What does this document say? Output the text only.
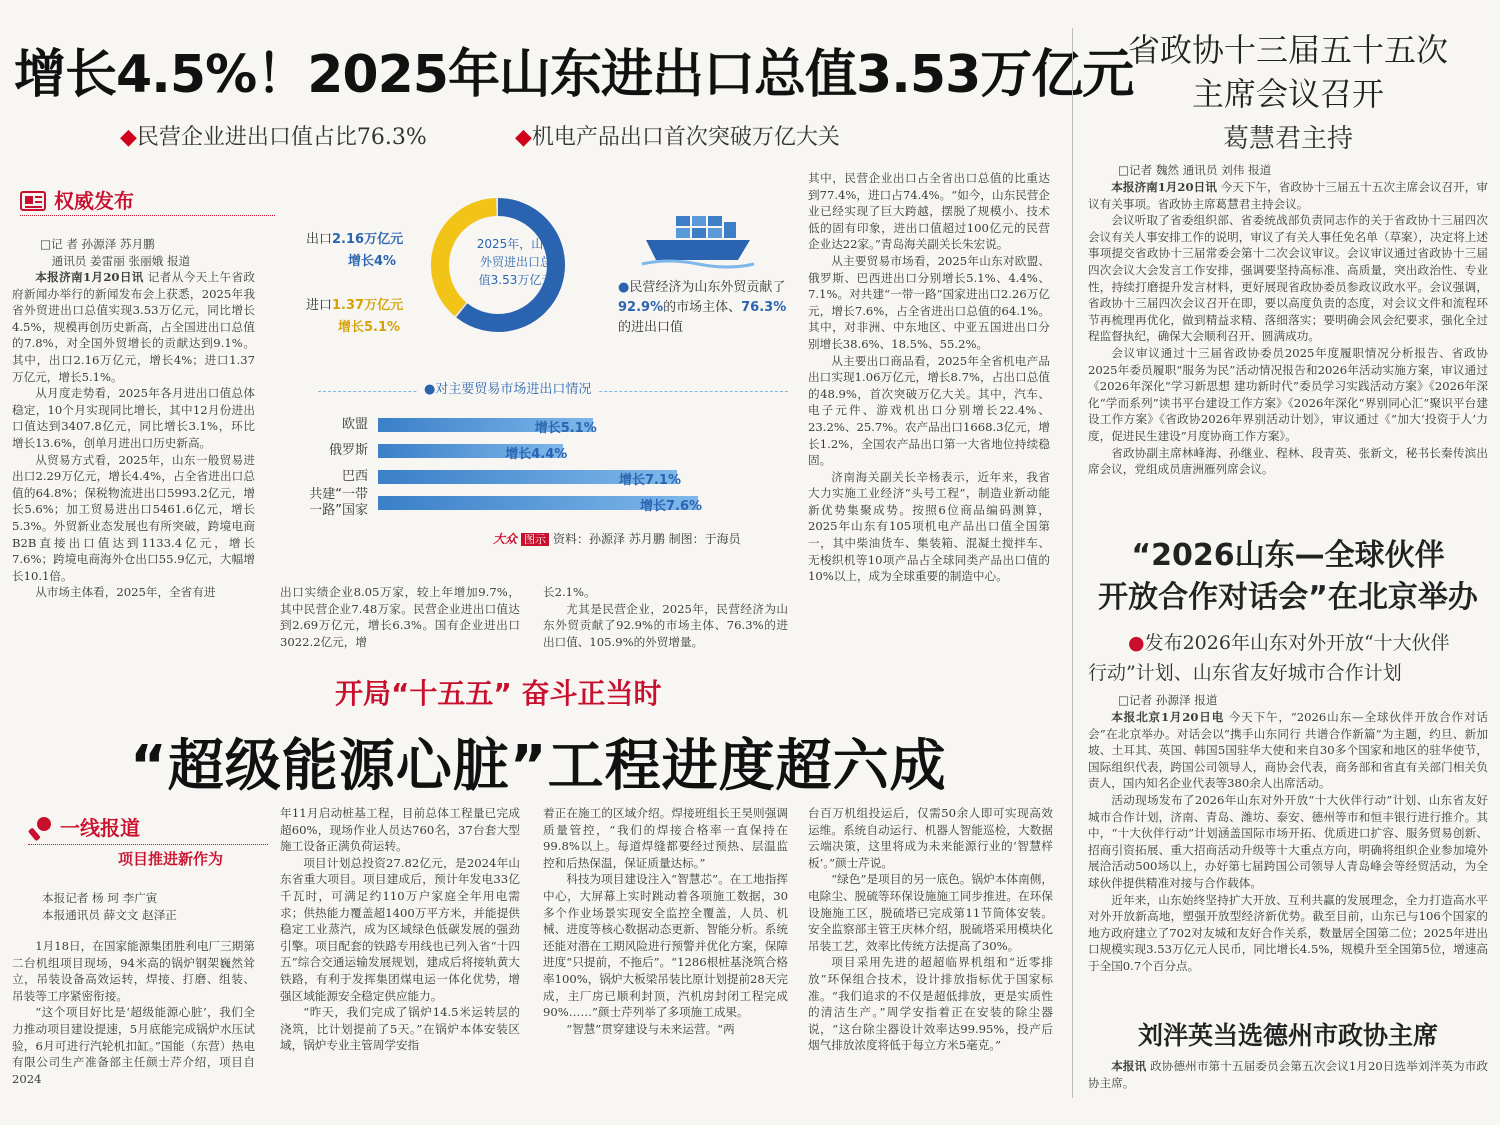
增长4.5%！2025年山东进出口总值3.53万亿元
◆民营企业进出口值占比76.3%	◆机电产品出口首次突破万亿大关
权威发布
□记 者 孙源泽 苏月鹏
通讯员 姜雷丽 张丽娥 报道

本报济南1月20日讯 记者从今天上午省政府新闻办举行的新闻发布会上获悉，2025年我省外贸进出口总值实现3.53万亿元，同比增长4.5%，规模再创历史新高，占全国进出口总值的7.8%，对全国外贸增长的贡献达到9.1%。其中，出口2.16万亿元，增长4%；进口1.37万亿元，增长5.1%。

从月度走势看，2025年各月进出口值总体稳定，10个月实现同比增长，其中12月份进出口值达到3407.8亿元，同比增长3.1%，环比增长13.6%，创单月进出口历史新高。

从贸易方式看，2025年，山东一般贸易进出口2.29万亿元，增长4.4%，占全省进出口总值的64.8%；保税物流进出口5993.2亿元，增长5.6%；加工贸易进出口5461.6亿元，增长5.3%。外贸新业态发展也有所突破，跨境电商B2B直接出口值达到1133.4亿元，增长7.6%；跨境电商海外仓出口55.9亿元，大幅增长10.1倍。

从市场主体看，2025年，全省有进

2025年，山东外贸进出口总值3.53万亿元
出口2.16万亿元
增长4%
进口1.37万亿元
增长5.1%
●民营经济为山东外贸贡献了92.9%的市场主体、76.3%的进出口值
●对主要贸易市场进出口情况
欧盟	增长5.1%
俄罗斯	增长4.4%
巴西	增长7.1%
共建“一带一路”国家	增长7.6%
大众 图示 资料：孙源泽 苏月鹏 制图：于海员

出口实绩企业8.05万家，较上年增加9.7%，其中民营企业7.48万家。民营企业进出口值达到2.69万亿元，增长6.3%。国有企业进出口3022.2亿元，增

长2.1%。

尤其是民营企业，2025年，民营经济为山东外贸贡献了92.9%的市场主体、76.3%的进出口值、105.9%的外贸增量。

其中，民营企业出口占全省出口总值的比重达到77.4%，进口占74.4%。“如今，山东民营企业已经实现了巨大跨越，摆脱了规模小、技术低的固有印象，进出口值超过100亿元的民营企业达22家。”青岛海关副关长朱宏说。

从主要贸易市场看，2025年山东对欧盟、俄罗斯、巴西进出口分别增长5.1%、4.4%、7.1%。对共建“一带一路”国家进出口2.26万亿元，增长7.6%，占全省进出口总值的64.1%。其中，对非洲、中东地区、中亚五国进出口分别增长38.6%、18.5%、55.2%。

从主要出口商品看，2025年全省机电产品出口实现1.06万亿元，增长8.7%，占出口总值的48.9%，首次突破万亿大关。其中，汽车、电子元件、游戏机出口分别增长22.4%、23.2%、25.7%。农产品出口1668.3亿元，增长1.2%，全国农产品出口第一大省地位持续稳固。

济南海关副关长辛杨表示，近年来，我省大力实施工业经济“头号工程”，制造业新动能新优势集聚成势。按照6位商品编码测算，2025年山东有105项机电产品出口值全国第一，其中柴油货车、集装箱、混凝土搅拌车、无梭织机等10项产品占全球同类产品出口值的10%以上，成为全球重要的制造中心。

省政协十三届五十五次
主席会议召开
葛慧君主持
□记者 魏然 通讯员 刘伟 报道

本报济南1月20日讯 今天下午，省政协十三届五十五次主席会议召开，审议有关事项。省政协主席葛慧君主持会议。

会议听取了省委组织部、省委统战部负责同志作的关于省政协十三届四次会议有关人事安排工作的说明，审议了有关人事任免名单（草案），决定将上述事项提交省政协十三届常委会第十二次会议审议。会议审议通过省政协十三届四次会议大会发言工作安排，强调要坚持高标准、高质量，突出政治性、专业性，持续打磨提升发言材料，更好展现省政协委员参政议政水平。会议强调，省政协十三届四次会议召开在即，要以高度负责的态度，对会议文件和流程环节再梳理再优化，做到精益求精、落细落实；要明确会风会纪要求，强化全过程监督执纪，确保大会顺利召开、圆满成功。

会议审议通过十三届省政协委员2025年度履职情况分析报告、省政协2025年委员履职“服务为民”活动情况报告和2026年活动实施方案，审议通过《2026年深化“学习新思想 建功新时代”委员学习实践活动方案》《2026年深化“学而系列”读书平台建设工作方案》《2026年深化“界别同心汇”聚识平台建设工作方案》《省政协2026年界别活动计划》，审议通过《“加大‘投资于人’力度，促进民生建设”月度协商工作方案》。

省政协副主席林峰海、孙继业、程林、段青英、张新文，秘书长秦传滨出席会议，党组成员唐洲雁列席会议。

“2026山东—全球伙伴
开放合作对话会”在北京举办
●发布2026年山东对外开放“十大伙伴
行动”计划、山东省友好城市合作计划
□记者 孙源泽 报道

本报北京1月20日电 今天下午，“2026山东—全球伙伴开放合作对话会”在北京举办。对话会以“携手山东同行 共谱合作新篇”为主题，约旦、新加坡、土耳其、英国、韩国5国驻华大使和来自30多个国家和地区的驻华使节，国际组织代表，跨国公司领导人，商协会代表，商务部和省直有关部门相关负责人，国内知名企业代表等380余人出席活动。

活动现场发布了2026年山东对外开放“十大伙伴行动”计划、山东省友好城市合作计划，济南、青岛、潍坊、泰安、德州等市和恒丰银行进行推介。其中，“十大伙伴行动”计划涵盖国际市场开拓、优质进口扩容、服务贸易创新、招商引资拓展、重大招商活动升级等十大重点方向，明确将组织企业参加境外展洽活动500场以上，办好第七届跨国公司领导人青岛峰会等经贸活动，为全球伙伴提供精准对接与合作载体。

近年来，山东始终坚持扩大开放、互利共赢的发展理念，全力打造高水平对外开放新高地，塑强开放型经济新优势。截至目前，山东已与106个国家的地方政府建立了702对友城和友好合作关系，数量居全国第二位；2025年进出口规模实现3.53万亿元人民币，同比增长4.5%，规模升至全国第5位，增速高于全国0.7个百分点。

刘泮英当选德州市政协主席

本报讯 政协德州市第十五届委员会第五次会议1月20日选举刘泮英为市政协主席。

开局“十五五” 奋斗正当时
“超级能源心脏”工程进度超六成
一线报道
项目推进新作为
本报记者 杨 珂 李广寅
本报通讯员 薛文文 赵泽正

1月18日，在国家能源集团胜利电厂三期第二台机组项目现场，94米高的锅炉钢架巍然耸立，吊装设备高效运转，焊接、打磨、组装、吊装等工序紧密衔接。

“这个项目好比是‘超级能源心脏’，我们全力推动项目建设提速，5月底能完成锅炉水压试验，6月可进行汽轮机扣缸。”国能（东营）热电有限公司生产准备部主任颜士芹介绍，项目自2024

年11月启动桩基工程，目前总体工程量已完成超60%，现场作业人员达760名，37台套大型施工设备正满负荷运转。

项目计划总投资27.82亿元，是2024年山东省重大项目。项目建成后，预计年发电33亿千瓦时，可满足约110万户家庭全年用电需求；供热能力覆盖超1400万平方米，并能提供稳定工业蒸汽，成为区域绿色低碳发展的强劲引擎。项目配套的铁路专用线也已列入省“十四五”综合交通运输发展规划，建成后将接轨黄大铁路，有利于发挥集团煤电运一体化优势，增强区域能源安全稳定供应能力。

“昨天，我们完成了锅炉14.5米运转层的浇筑，比计划提前了5天。”在锅炉本体安装区域，锅炉专业主管周学安指

着正在施工的区域介绍。焊接班组长王昊则强调质量管控，“我们的焊接合格率一直保持在99.8%以上。每道焊缝都要经过预热、层温监控和后热保温，保证质量达标。”

科技为项目建设注入“智慧芯”。在工地指挥中心，大屏幕上实时跳动着各项施工数据，30多个作业场景实现安全监控全覆盖，人员、机械、进度等核心数据动态更新、智能分析。系统还能对潜在工期风险进行预警并优化方案，保障进度“只提前，不拖后”。“1286根桩基浇筑合格率100%，锅炉大板梁吊装比原计划提前28天完成，主厂房已顺利封顶，汽机房封闭工程完成90%……”颜士芹列举了多项施工成果。

“智慧”贯穿建设与未来运营。“两

台百万机组投运后，仅需50余人即可实现高效运维。系统自动运行、机器人智能巡检，大数据云端决策，这里将成为未来能源行业的‘智慧样板’。”颜士芹说。

“绿色”是项目的另一底色。锅炉本体南侧，电除尘、脱硫等环保设施施工同步推进。在环保设施施工区，脱硫塔已完成第11节筒体安装。安全监察部主管王庆林介绍，脱硫塔采用模块化吊装工艺，效率比传统方法提高了30%。

项目采用先进的超超临界机组和“近零排放”环保组合技术，设计排放指标优于国家标准。“我们追求的不仅是超低排放，更是实质性的清洁生产。”周学安指着正在安装的除尘器说，“这台除尘器设计效率达99.95%，投产后烟气排放浓度将低于每立方米5毫克。”
